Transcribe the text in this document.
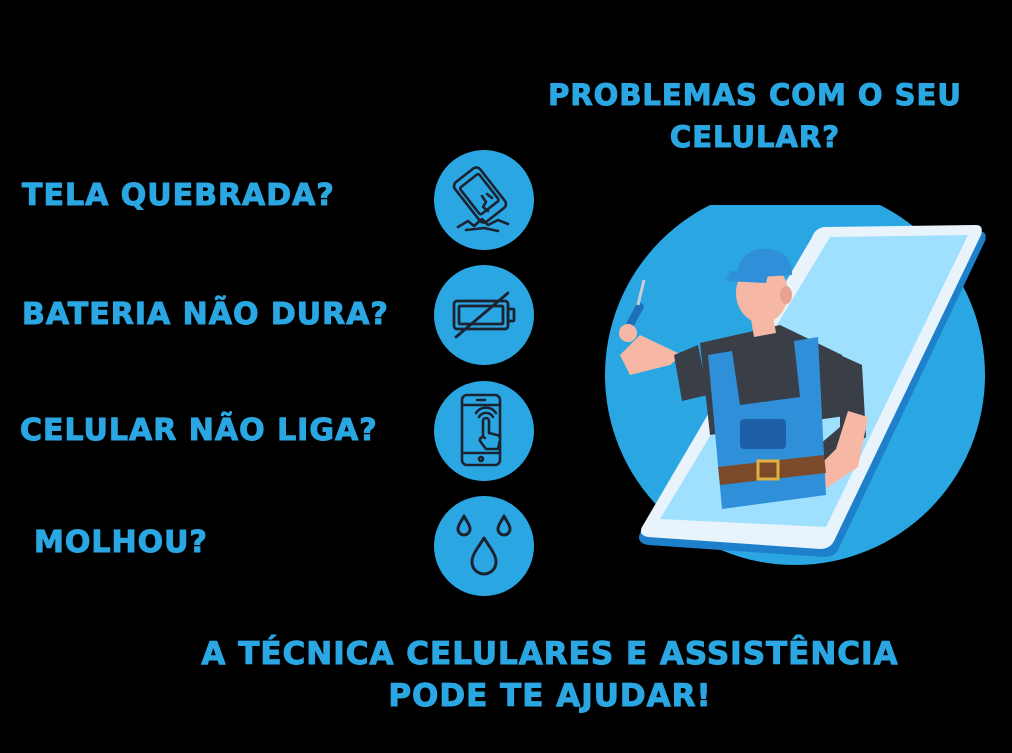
PROBLEMAS COM O SEU
CELULAR?
TELA QUEBRADA?
BATERIA NÃO DURA?
CELULAR NÃO LIGA?
MOLHOU?
A TÉCNICA CELULARES E ASSISTÊNCIA
PODE TE AJUDAR!
